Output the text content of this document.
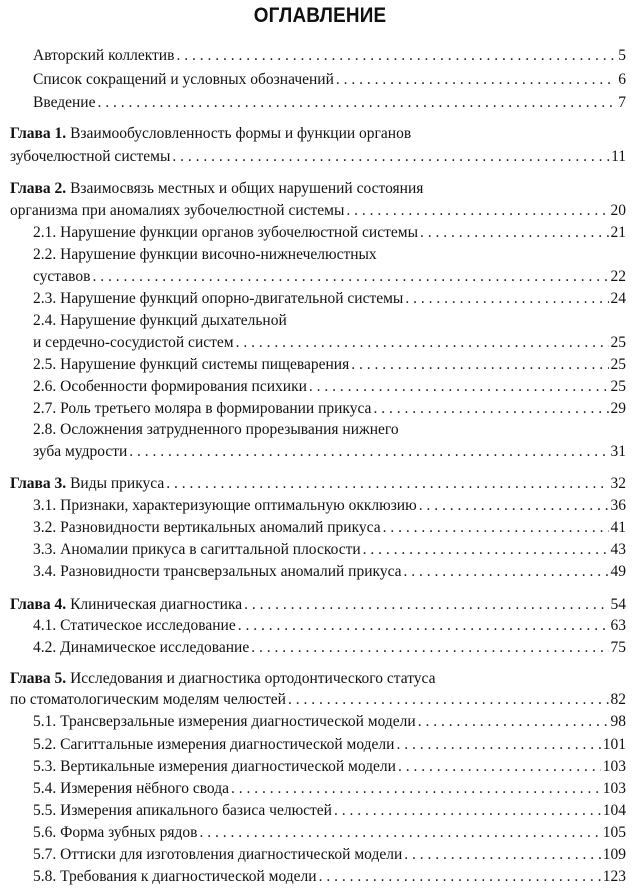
ОГЛАВЛЕНИЕ
Авторский коллектив . . .	5
Список сокращений и условных обозначений . . .	6
Введение . . .	7
Глава 1. Взаимообусловленность формы и функции органов
зубочелюстной системы . . .	11
Глава 2. Взаимосвязь местных и общих нарушений состояния
организма при аномалиях зубочелюстной системы . . .	20
2.1. Нарушение функции органов зубочелюстной системы . . .	21
2.2. Нарушение функции височно-нижнечелюстных
суставов . . .	22
2.3. Нарушение функций опорно-двигательной системы . . .	24
2.4. Нарушение функций дыхательной
и сердечно-сосудистой систем . . .	25
2.5. Нарушение функций системы пищеварения . . .	25
2.6. Особенности формирования психики . . .	25
2.7. Роль третьего моляра в формировании прикуса . . .	29
2.8. Осложнения затрудненного прорезывания нижнего
зуба мудрости . . .	31
Глава 3. Виды прикуса . . .	32
3.1. Признаки, характеризующие оптимальную окклюзию . . .	36
3.2. Разновидности вертикальных аномалий прикуса . . .	41
3.3. Аномалии прикуса в сагиттальной плоскости . . .	43
3.4. Разновидности трансверзальных аномалий прикуса . . .	49
Глава 4. Клиническая диагностика . . .	54
4.1. Статическое исследование . . .	63
4.2. Динамическое исследование . . .	75
Глава 5. Исследования и диагностика ортодонтического статуса
по стоматологическим моделям челюстей . . .	82
5.1. Трансверзальные измерения диагностической модели . . .	98
5.2. Сагиттальные измерения диагностической модели . . .	101
5.3. Вертикальные измерения диагностической модели . . .	103
5.4. Измерения нёбного свода . . .	103
5.5. Измерения апикального базиса челюстей . . .	104
5.6. Форма зубных рядов . . .	105
5.7. Оттиски для изготовления диагностической модели . . .	109
5.8. Требования к диагностической модели . . .	123
